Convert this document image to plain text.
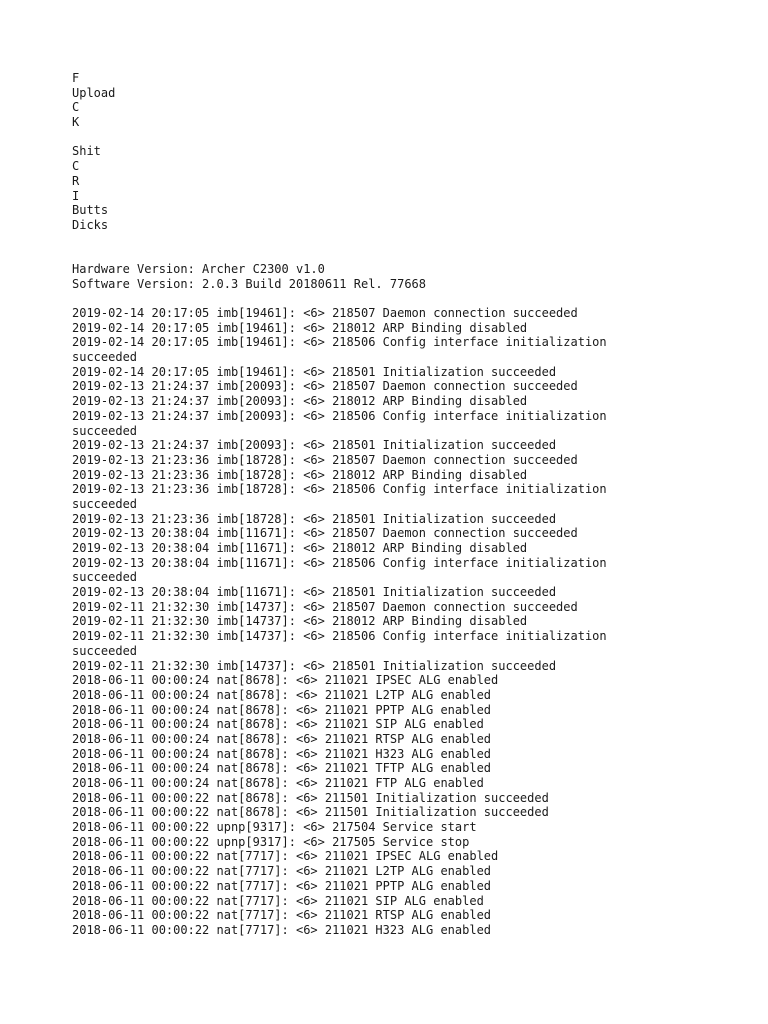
F
Upload
C
K
Shit
C
R
I
Butts
Dicks
Hardware Version: Archer C2300 v1.0
Software Version: 2.0.3 Build 20180611 Rel. 77668
2019-02-14 20:17:05 imb[19461]: <6> 218507 Daemon connection succeeded
2019-02-14 20:17:05 imb[19461]: <6> 218012 ARP Binding disabled
2019-02-14 20:17:05 imb[19461]: <6> 218506 Config interface initialization
succeeded
2019-02-14 20:17:05 imb[19461]: <6> 218501 Initialization succeeded
2019-02-13 21:24:37 imb[20093]: <6> 218507 Daemon connection succeeded
2019-02-13 21:24:37 imb[20093]: <6> 218012 ARP Binding disabled
2019-02-13 21:24:37 imb[20093]: <6> 218506 Config interface initialization
succeeded
2019-02-13 21:24:37 imb[20093]: <6> 218501 Initialization succeeded
2019-02-13 21:23:36 imb[18728]: <6> 218507 Daemon connection succeeded
2019-02-13 21:23:36 imb[18728]: <6> 218012 ARP Binding disabled
2019-02-13 21:23:36 imb[18728]: <6> 218506 Config interface initialization
succeeded
2019-02-13 21:23:36 imb[18728]: <6> 218501 Initialization succeeded
2019-02-13 20:38:04 imb[11671]: <6> 218507 Daemon connection succeeded
2019-02-13 20:38:04 imb[11671]: <6> 218012 ARP Binding disabled
2019-02-13 20:38:04 imb[11671]: <6> 218506 Config interface initialization
succeeded
2019-02-13 20:38:04 imb[11671]: <6> 218501 Initialization succeeded
2019-02-11 21:32:30 imb[14737]: <6> 218507 Daemon connection succeeded
2019-02-11 21:32:30 imb[14737]: <6> 218012 ARP Binding disabled
2019-02-11 21:32:30 imb[14737]: <6> 218506 Config interface initialization
succeeded
2019-02-11 21:32:30 imb[14737]: <6> 218501 Initialization succeeded
2018-06-11 00:00:24 nat[8678]: <6> 211021 IPSEC ALG enabled
2018-06-11 00:00:24 nat[8678]: <6> 211021 L2TP ALG enabled
2018-06-11 00:00:24 nat[8678]: <6> 211021 PPTP ALG enabled
2018-06-11 00:00:24 nat[8678]: <6> 211021 SIP ALG enabled
2018-06-11 00:00:24 nat[8678]: <6> 211021 RTSP ALG enabled
2018-06-11 00:00:24 nat[8678]: <6> 211021 H323 ALG enabled
2018-06-11 00:00:24 nat[8678]: <6> 211021 TFTP ALG enabled
2018-06-11 00:00:24 nat[8678]: <6> 211021 FTP ALG enabled
2018-06-11 00:00:22 nat[8678]: <6> 211501 Initialization succeeded
2018-06-11 00:00:22 nat[8678]: <6> 211501 Initialization succeeded
2018-06-11 00:00:22 upnp[9317]: <6> 217504 Service start
2018-06-11 00:00:22 upnp[9317]: <6> 217505 Service stop
2018-06-11 00:00:22 nat[7717]: <6> 211021 IPSEC ALG enabled
2018-06-11 00:00:22 nat[7717]: <6> 211021 L2TP ALG enabled
2018-06-11 00:00:22 nat[7717]: <6> 211021 PPTP ALG enabled
2018-06-11 00:00:22 nat[7717]: <6> 211021 SIP ALG enabled
2018-06-11 00:00:22 nat[7717]: <6> 211021 RTSP ALG enabled
2018-06-11 00:00:22 nat[7717]: <6> 211021 H323 ALG enabled
